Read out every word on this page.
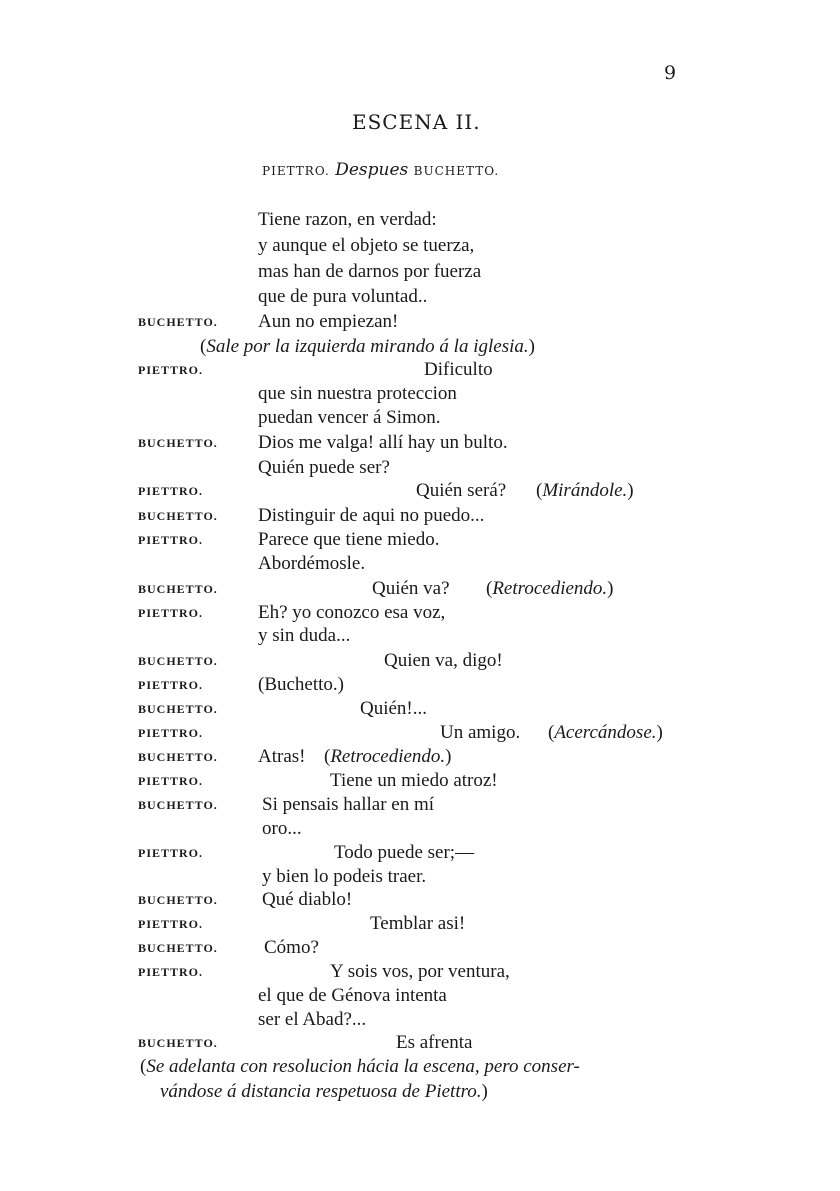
9
ESCENA II.
PIETTRO. Despues BUCHETTO.
Tiene razon, en verdad:
y aunque el objeto se tuerza,
mas han de darnos por fuerza
que de pura voluntad..
BUCHETTO. Aun no empiezan!
(Sale por la izquierda mirando á la iglesia.)
PIETTRO.	Dificulto
que sin nuestra proteccion
puedan vencer á Simon.
BUCHETTO. Dios me valga! allí hay un bulto.
Quién puede ser?
PIETTRO.	Quién será? (Mirándole.)
BUCHETTO. Distinguir de aqui no puedo...
PIETTRO.	Parece que tiene miedo.
Abordémosle.
BUCHETTO.	Quién va? (Retrocediendo.)
PIETTRO.	Eh? yo conozco esa voz,
y sin duda...
BUCHETTO.	Quien va, digo!
PIETTRO.	(Buchetto.)
BUCHETTO.	Quién!...
PIETTRO.	Un amigo. (Acercándose.)
BUCHETTO. Atras! (Retrocediendo.)
PIETTRO.	Tiene un miedo atroz!
BUCHETTO. Si pensais hallar en mí
oro...
PIETTRO.	Todo puede ser;—
y bien lo podeis traer.
BUCHETTO. Qué diablo!
PIETTRO.	Temblar asi!
BUCHETTO. Cómo?
PIETTRO.	Y sois vos, por ventura,
el que de Génova intenta
ser el Abad?...
BUCHETTO.	Es afrenta
(Se adelanta con resolucion hácia la escena, pero conser-
vándose á distancia respetuosa de Piettro.)
